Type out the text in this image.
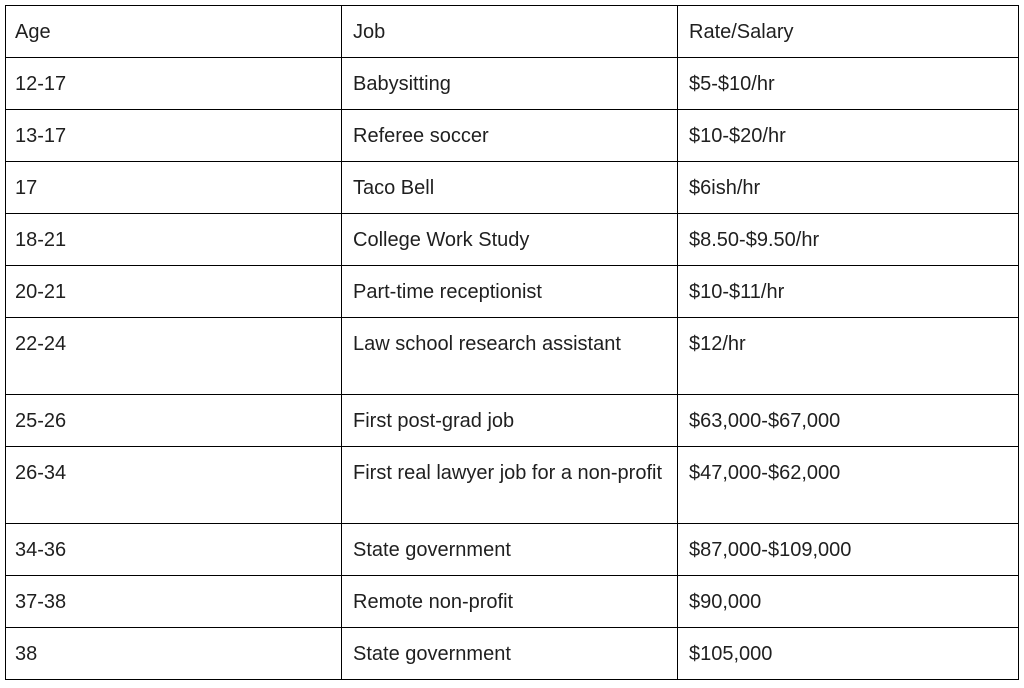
Age	Job	Rate/Salary
12-17	Babysitting	$5-$10/hr
13-17	Referee soccer	$10-$20/hr
17	Taco Bell	$6ish/hr
18-21	College Work Study	$8.50-$9.50/hr
20-21	Part-time receptionist	$10-$11/hr
22-24	Law school research assistant	$12/hr
25-26	First post-grad job	$63,000-$67,000
26-34	First real lawyer job for a non-profit	$47,000-$62,000
34-36	State government	$87,000-$109,000
37-38	Remote non-profit	$90,000
38	State government	$105,000
